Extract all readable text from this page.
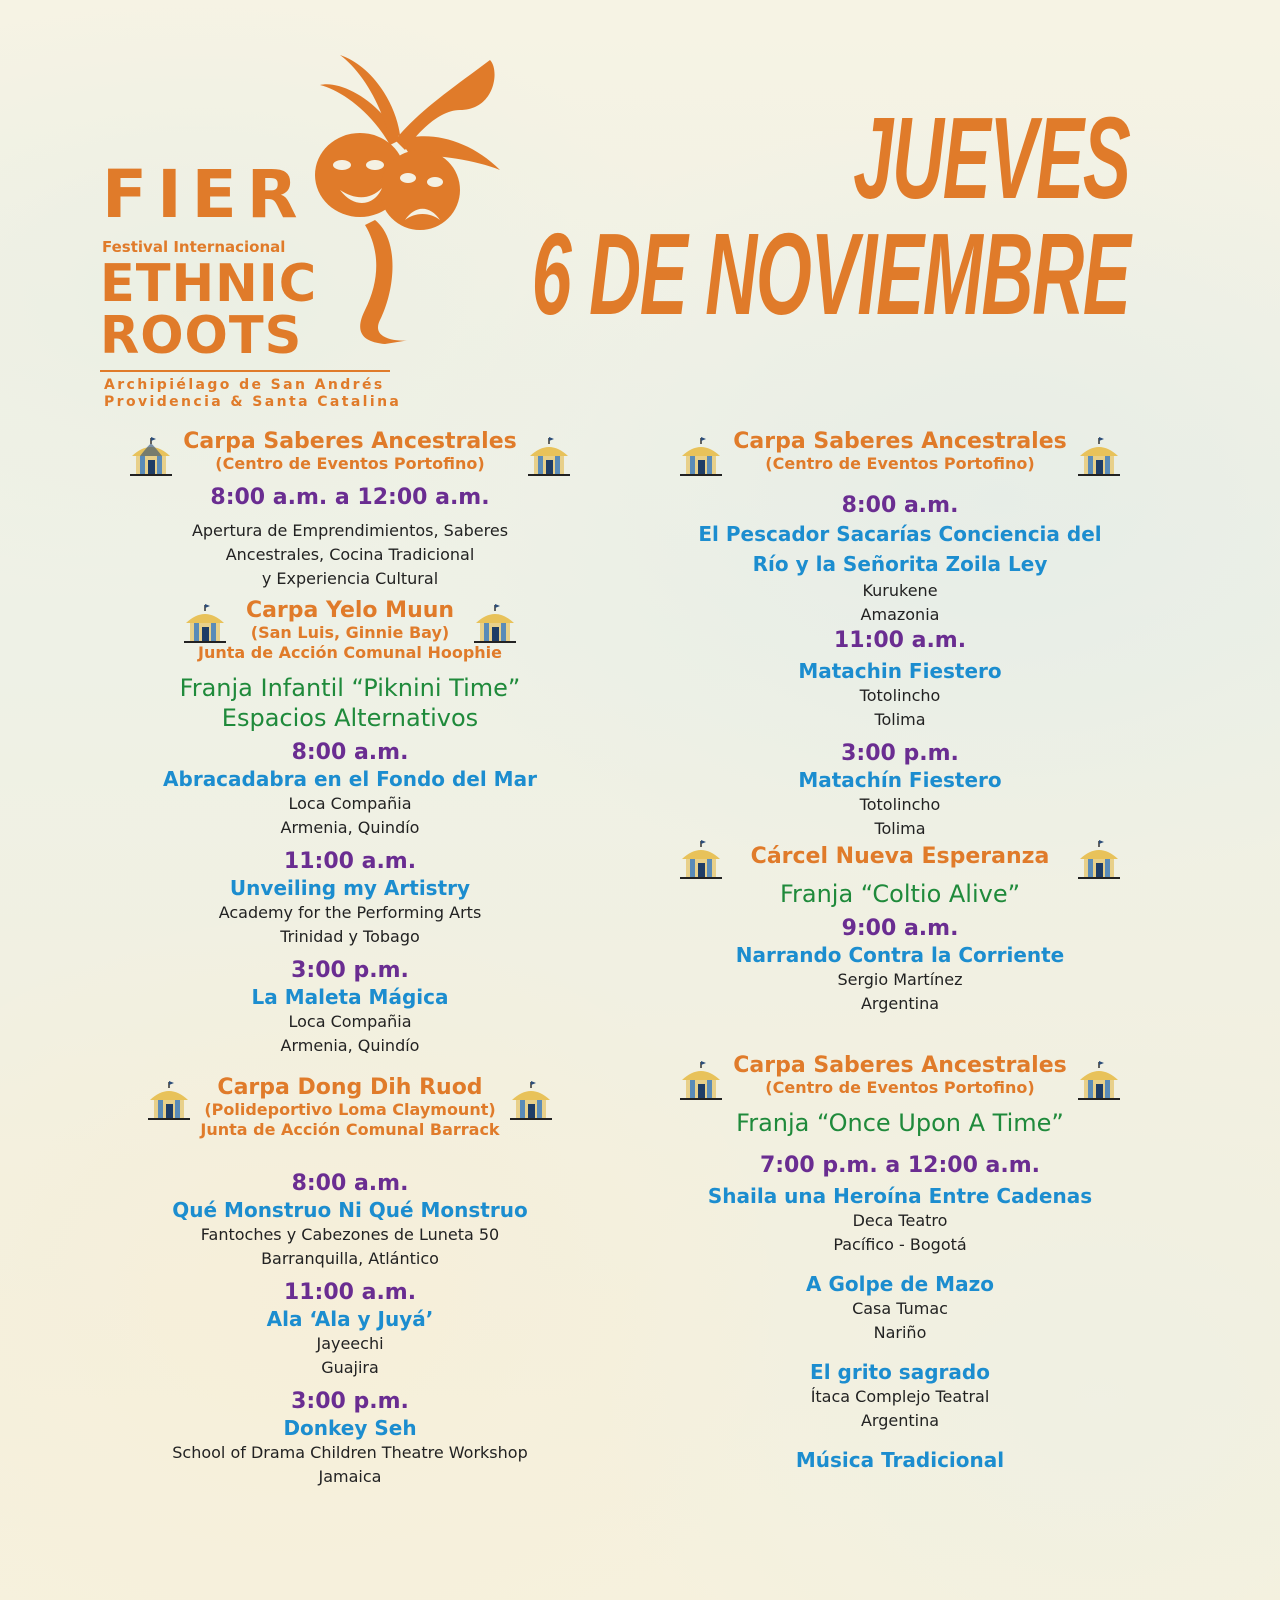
FIER
Festival Internacional
ETHNIC
ROOTS
Archipiélago de San Andrés
Providencia & Santa Catalina
JUEVES
6 DE NOVIEMBRE
Carpa Saberes Ancestrales
(Centro de Eventos Portofino)
8:00 a.m. a 12:00 a.m.
Apertura de Emprendimientos, Saberes
Ancestrales, Cocina Tradicional
y Experiencia Cultural
Carpa Yelo Muun
(San Luis, Ginnie Bay)
Junta de Acción Comunal Hoophie
Franja Infantil “Piknini Time”
Espacios Alternativos
8:00 a.m.
Abracadabra en el Fondo del Mar
Loca Compañia
Armenia, Quindío
11:00 a.m.
Unveiling my Artistry
Academy for the Performing Arts
Trinidad y Tobago
3:00 p.m.
La Maleta Mágica
Loca Compañia
Armenia, Quindío
Carpa Dong Dih Ruod
(Polideportivo Loma Claymount)
Junta de Acción Comunal Barrack
8:00 a.m.
Qué Monstruo Ni Qué Monstruo
Fantoches y Cabezones de Luneta 50
Barranquilla, Atlántico
11:00 a.m.
Ala ‘Ala y Juyá’
Jayeechi
Guajira
3:00 p.m.
Donkey Seh
School of Drama Children Theatre Workshop
Jamaica
Carpa Saberes Ancestrales
(Centro de Eventos Portofino)
8:00 a.m.
El Pescador Sacarías Conciencia del
Río y la Señorita Zoila Ley
Kurukene
Amazonia
11:00 a.m.
Matachin Fiestero
Totolincho
Tolima
3:00 p.m.
Matachín Fiestero
Totolincho
Tolima
Cárcel Nueva Esperanza
Franja “Coltio Alive”
9:00 a.m.
Narrando Contra la Corriente
Sergio Martínez
Argentina
Carpa Saberes Ancestrales
(Centro de Eventos Portofino)
Franja “Once Upon A Time”
7:00 p.m. a 12:00 a.m.
Shaila una Heroína Entre Cadenas
Deca Teatro
Pacífico - Bogotá
A Golpe de Mazo
Casa Tumac
Nariño
El grito sagrado
Ítaca Complejo Teatral
Argentina
Música Tradicional
